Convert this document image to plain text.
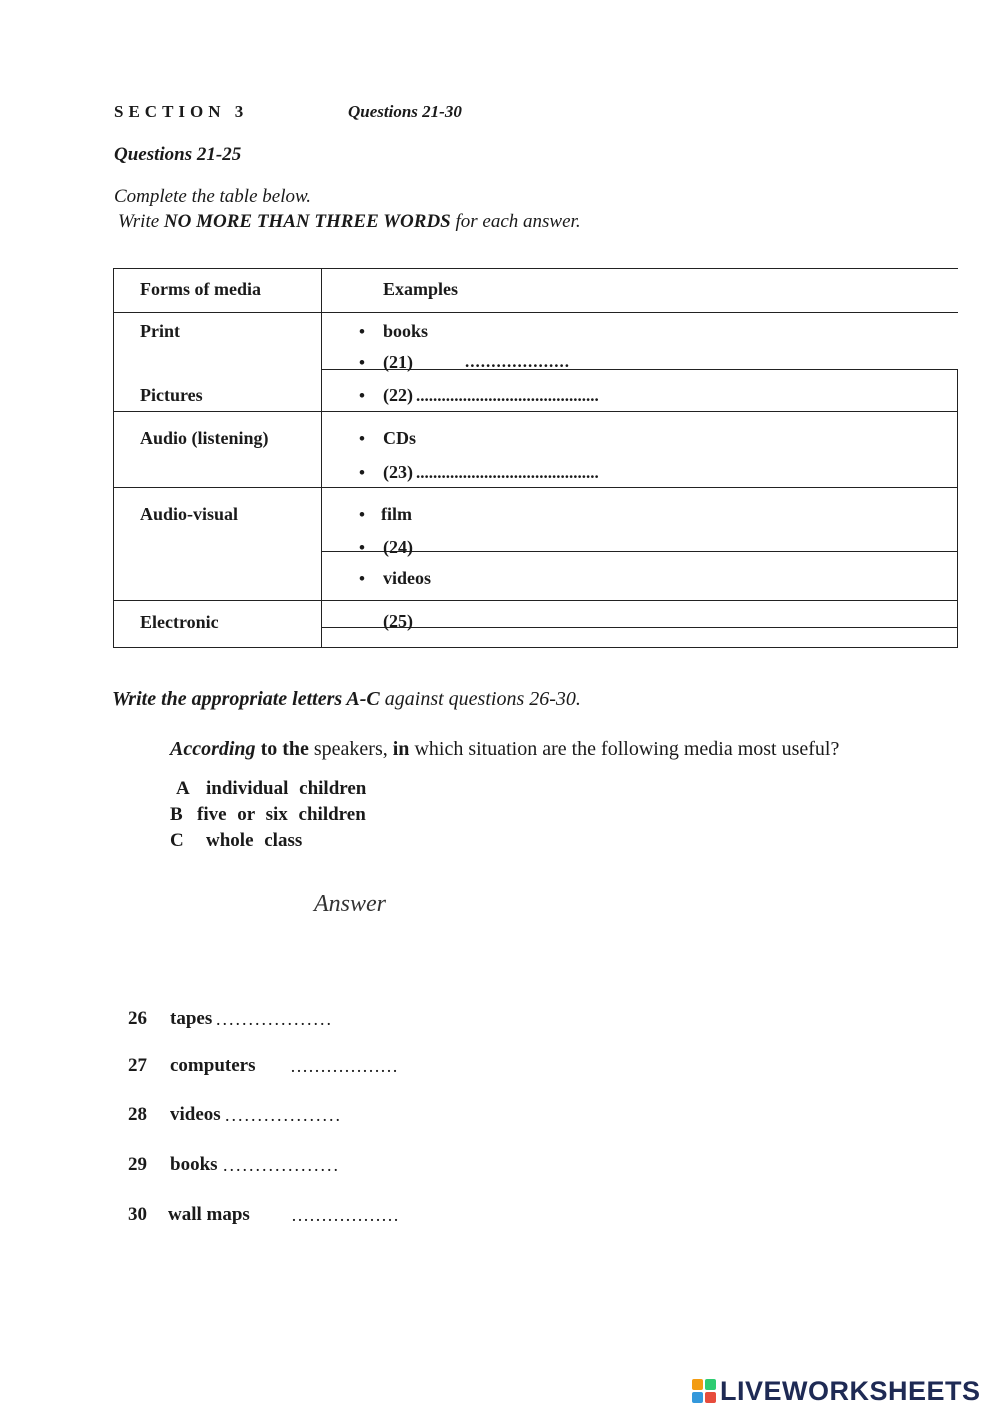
SECTION 3	Questions 21-30
Questions 21-25
Complete the table below.
Write NO MORE THAN THREE WORDS for each answer.
Forms of media	Examples
Print	• books
• (21)	....................
Pictures	• (22) ...........................................
Audio (listening)	• CDs
• (23) ...........................................
Audio-visual	• film
• (24)
• videos
Electronic	(25)
Write the appropriate letters A-C against questions 26-30.
According to the speakers, in which situation are the following media most useful?
A individual children
B five or six children
C whole class
Answer
26 tapes ..................
27 computers ………………
28 videos ..................
29 books ..................
30 wall maps ………………
LIVEWORKSHEETS
